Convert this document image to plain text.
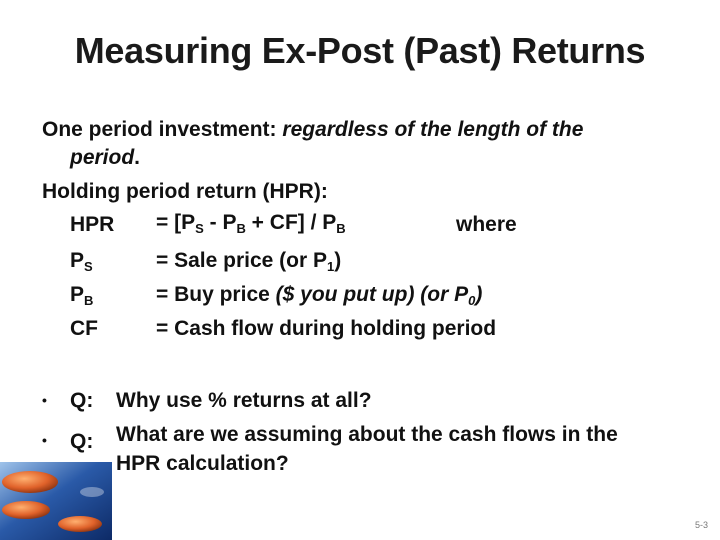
Measuring Ex-Post (Past) Returns
One period investment: regardless of the length of the
period.
Holding period return (HPR):
HPR = $[P_S - P_B + CF] / P_B$	where
$P_S$	= Sale price (or $P_1$)
$P_B$	= Buy price ($ you put up) (or $P_0$)
CF	= Cash flow during holding period
• Q: Why use % returns at all?
• Q: What are we assuming about the cash flows in the
HPR calculation?
5-3
